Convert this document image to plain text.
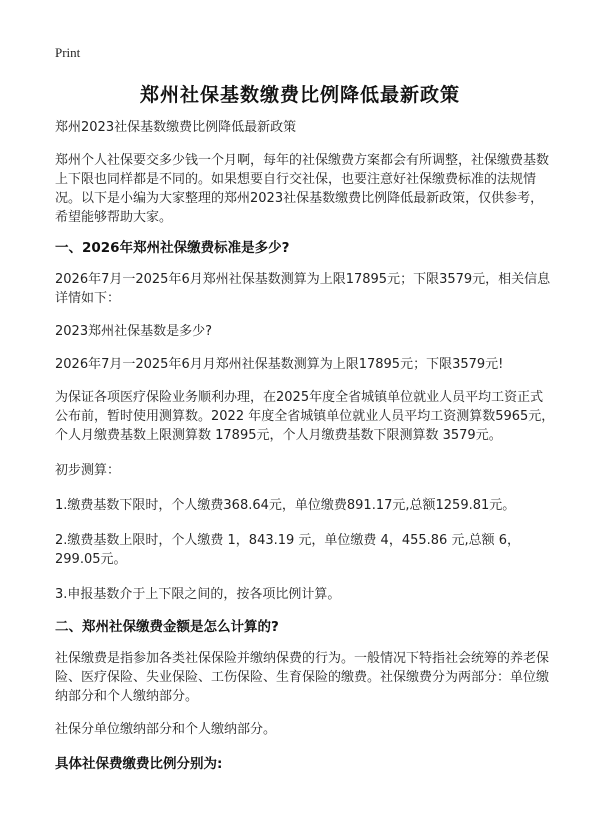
Print
郑州社保基数缴费比例降低最新政策

郑州2023社保基数缴费比例降低最新政策

郑州个人社保要交多少钱一个月啊，每年的社保缴费方案都会有所调整，社保缴费基数上下限也同样都是不同的。如果想要自行交社保，也要注意好社保缴费标准的法规情况。以下是小编为大家整理的郑州2023社保基数缴费比例降低最新政策，仅供参考，希望能够帮助大家。

一、2026年郑州社保缴费标准是多少?

2026年7月一2025年6月郑州社保基数测算为上限17895元；下限3579元，相关信息详情如下：

2023郑州社保基数是多少?

2026年7月一2025年6月月郑州社保基数测算为上限17895元；下限3579元!

为保证各项医疗保险业务顺利办理，在2025年度全省城镇单位就业人员平均工资正式公布前，暂时使用测算数。2022 年度全省城镇单位就业人员平均工资测算数5965元，个人月缴费基数上限测算数 17895元，个人月缴费基数下限测算数 3579元。

初步测算：

1.缴费基数下限时，个人缴费368.64元，单位缴费891.17元,总额1259.81元。

2.缴费基数上限时，个人缴费 1，843.19 元，单位缴费 4，455.86 元,总额 6，299.05元。

3.申报基数介于上下限之间的，按各项比例计算。

二、郑州社保缴费金额是怎么计算的?

社保缴费是指参加各类社保保险并缴纳保费的行为。一般情况下特指社会统筹的养老保险、医疗保险、失业保险、工伤保险、生育保险的缴费。社保缴费分为两部分：单位缴纳部分和个人缴纳部分。

社保分单位缴纳部分和个人缴纳部分。

具体社保费缴费比例分别为:
